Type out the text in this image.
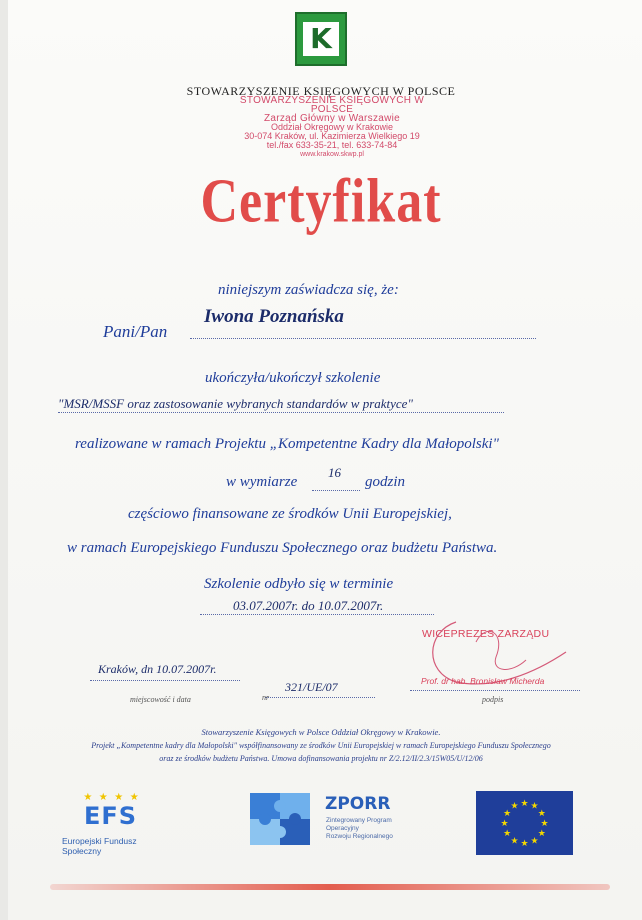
K
STOWARZYSZENIE KSIĘGOWYCH W POLSCE
STOWARZYSZENIE KSIĘGOWYCH W POLSCE
Zarząd Główny w Warszawie
Oddział Okręgowy w Krakowie
30-074 Kraków, ul. Kazimierza Wielkiego 19
tel./fax 633-35-21, tel. 633-74-84
www.krakow.skwp.pl
Certyfikat
niniejszym zaświadcza się, że:
Pani/Pan
Iwona Poznańska
ukończyła/ukończył szkolenie
"MSR/MSSF oraz zastosowanie wybranych standardów w praktyce"
realizowane w ramach Projektu „Kompetentne Kadry dla Małopolski"
w wymiarze
16
godzin
częściowo finansowane ze środków Unii Europejskiej,
w ramach Europejskiego Funduszu Społecznego oraz budżetu Państwa.
Szkolenie odbyło się w terminie
03.07.2007r. do 10.07.2007r.
WICEPREZES ZARZĄDU
Prof. dr hab. Bronisław Micherda
podpis
Kraków, dn 10.07.2007r.
miejscowość i data
321/UE/07
nr
Stowarzyszenie Księgowych w Polsce Oddział Okręgowy w Krakowie.
Projekt „Kompetentne kadry dla Małopolski" współfinansowany ze środków Unii Europejskiej w ramach Europejskiego Funduszu Społecznego
oraz ze środków budżetu Państwa. Umowa dofinansowania projektu nr Z/2.12/II/2.3/15W05/U/12/06
★ ★ ★ ★
EFS
Europejski Fundusz Społeczny
ZPORR
Zintegrowany Program
Operacyjny
Rozwoju Regionalnego
★ ★
★
★
★
★
★
★
★
★
★
★
